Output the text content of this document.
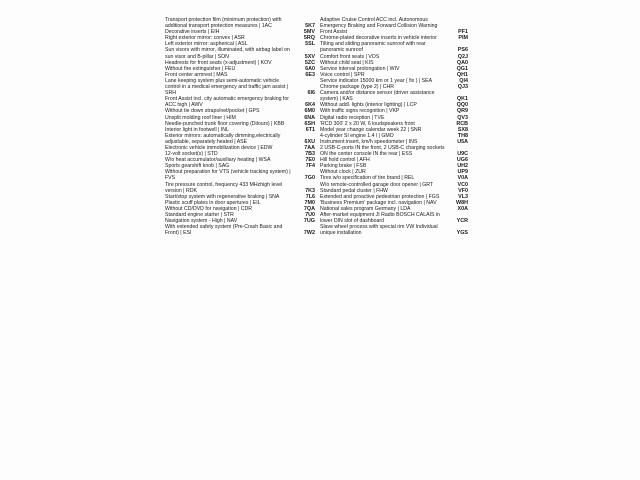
Transport protection film (minimum protection) with additional transport protection measures | 1AC	5K7
Decorative inserts | EIH	5MV
Right exterior mirror: convex | ASR	5RQ
Left exterior mirror: aspherical | ASL	5SL
Sun visors with mirror, illuminated, with airbag label on sun visor and B-pillar | SON	5XV
Headrests for front seats (x-adjustment) | KOV	5ZC
Without fire extinguisher | FEU	6A0
Front center armrest | MAS	6E3
Lane keeping system plus semi-automatic vehicle control in a medical emergency and traffic jam assist | SRH	6I6
Front Assist incl. city automatic emergency braking for ACC high | AWV	6K4
Without tie down straps/net/pocket | GPS	6M0
Unsplit molding roof liner | HIM	6NA
Needle-punched trunk floor covering (Dilours) | KBB	6SH
Interior light in footwell | INL	6T1
Exterior mirrors: automatically dimming,electrically adjustable, separately heated | ASE	6XU
Electronic vehicle immobilization device | EDW	7AA
12-volt socket(s) | STD	7B3
W/o heat accumulator/auxiliary heating | WSA	7E0
Sports gearshift knob | SAG	7F4
Without preparation for VTS (vehicle tracking system) | FVS	7G0
Tire pressure control, frequency 433 MHzhigh level version | RDK	7K3
Start/stop system with regenerative braking | SNA	7L6
Plastic scuff plates in door apertures | EIL	7M0
Without CD/DVD for navigation | CDR	7QA
Standard engine starter | STR	7U0
Navigation system - High | NAV	7UG
With extended safety system (Pre-Crash Basic and Front) | ESI	7W2
Adaptive Cruise Control ACC incl. Autonomous Emergency Braking and Forward Collision Warning Front Assist	PF1
Chrome-plated decorative inserts in vehicle interior	PIM
Tilting and sliding panoramic sunroof with rear panoramic sunroof	PS6
Comfort front seats | VOS	Q2J
Without child seat | KIS	QA0
Service interval prolongation | WIV	QG1
Voice control | SPR	QH1
Service indicator 15000 km or 1 year ( fix ) | SEA	QI4
Chrome package (type 2) | CHR	QJ3
Camera and/or distance sensor (driver assistance system) | KAS	QK1
Without addl. lights (interior lighting) | LCP	QQ0
With traffic signs recognition | VKP	QR9
Digital radio reception | TVE	QV3
'RCD 300' 2 x 20 W, 6 loudspeakers front	RCB
Model year change calendar week 22 | SNR	SX8
4-cylinder SI engine 1.4 l | GMO	TH8
Instrument insert, km/h speedometer | INS	U5A
2 USB-C-ports IN the front, 2 USB-C charging sockets ON the center console IN the rear | ESS	U9C
Hill hold control | AFH	UG6
Parking brake | FSB	UH2
Without clock | ZUR	UP9
Tires w/o specification of tire brand | REL	V0A
W/o remote-controlled garage door opener | GRT	VC0
Standard pedal cluster | FHW	VF0
Extended and proactive pedestrian protection | FGS	VL3
'Business Premium' package incl. navigation | NAV	W8H
National sales program Germany | LDA	X0A
After-market equipment JI Radio BOSCH CALAIS in lower DIN slot of dashboard	YCR
Slave wheel process with special rim VW Individual unique installation	YGS
